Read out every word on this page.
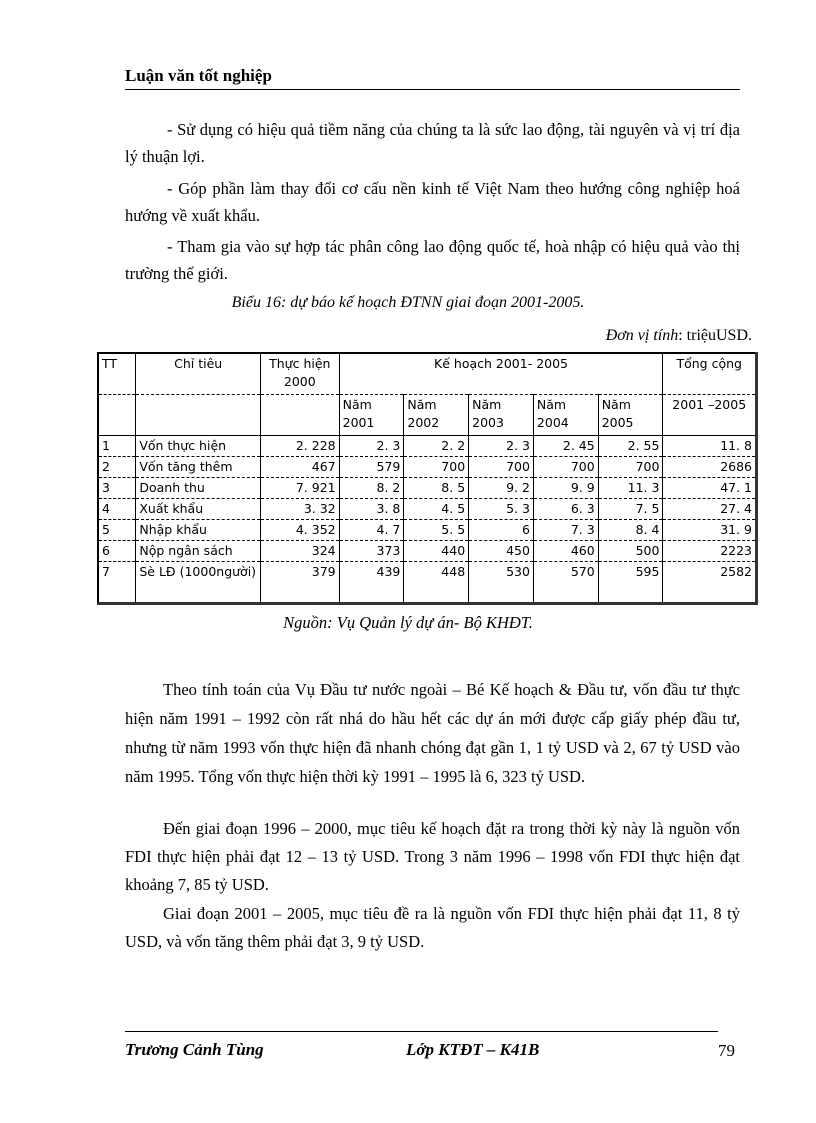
Luận văn tốt nghiệp

- Sử dụng có hiệu quả tiềm năng của chúng ta là sức lao động, tài nguyên và vị trí địa lý thuận lợi.

- Góp phần làm thay đổi cơ cấu nền kinh tế Việt Nam theo hướng công nghiệp hoá hướng về xuất khẩu.

- Tham gia vào sự hợp tác phân công lao động quốc tế, hoà nhập có hiệu quả vào thị trường thế giới.

Biểu 16: dự báo kế hoạch ĐTNN giai đoạn 2001-2005.
Đơn vị tính: triệuUSD.
TT	Chỉ tiêu	Thực hiện 2000	Kế hoạch 2001- 2005					Tổng cộng
			Năm 2001	Năm 2002	Năm 2003	Năm 2004	Năm 2005	2001 –2005
1	Vốn thực hiện	2. 228	2. 3	2. 2	2. 3	2. 45	2. 55	11. 8
2	Vốn tăng thêm	467	579	700	700	700	700	2686
3	Doanh thu	7. 921	8. 2	8. 5	9. 2	9. 9	11. 3	47. 1
4	Xuất khẩu	3. 32	3. 8	4. 5	5. 3	6. 3	7. 5	27. 4
5	Nhập khẩu	4. 352	4. 7	5. 5	6	7. 3	8. 4	31. 9
6	Nộp ngân sách	324	373	440	450	460	500	2223
7	Sè LĐ (1000người)	379	439	448	530	570	595	2582
Nguồn: Vụ Quản lý dự án- Bộ KHĐT.

Theo tính toán của Vụ Đầu tư nước ngoài – Bé Kế hoạch & Đầu tư, vốn đầu tư thực hiện năm 1991 – 1992 còn rất nhá do hầu hết các dự án mới được cấp giấy phép đầu tư, nhưng từ năm 1993 vốn thực hiện đã nhanh chóng đạt gần 1, 1 tỷ USD và 2, 67 tỷ USD vào năm 1995. Tổng vốn thực hiện thời kỳ 1991 – 1995 là 6, 323 tỷ USD.

Đến giai đoạn 1996 – 2000, mục tiêu kế hoạch đặt ra trong thời kỳ này là nguồn vốn FDI thực hiện phải đạt 12 – 13 tỷ USD. Trong 3 năm 1996 – 1998 vốn FDI thực hiện đạt khoảng 7, 85 tỷ USD.

Giai đoạn 2001 – 2005, mục tiêu đề ra là nguồn vốn FDI thực hiện phải đạt 11, 8 tỷ USD, và vốn tăng thêm phải đạt 3, 9 tỷ USD.

Trương Cảnh Tùng	Lớp KTĐT – K41B	79
